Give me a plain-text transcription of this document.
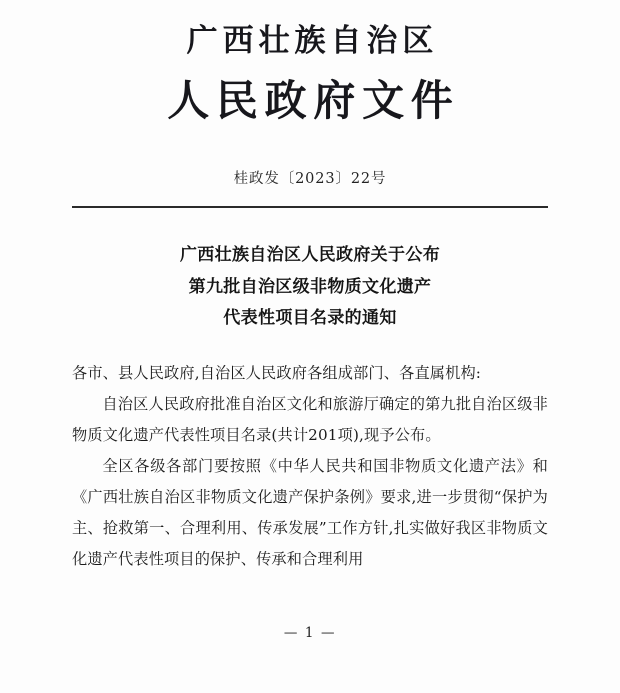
广西壮族自治区
人民政府文件
桂政发〔2023〕22号
广西壮族自治区人民政府关于公布
第九批自治区级非物质文化遗产
代表性项目名录的通知

各市、县人民政府,自治区人民政府各组成部门、各直属机构:

自治区人民政府批准自治区文化和旅游厅确定的第九批自治区级非物质文化遗产代表性项目名录(共计201项),现予公布。

全区各级各部门要按照《中华人民共和国非物质文化遗产法》和《广西壮族自治区非物质文化遗产保护条例》要求,进一步贯彻“保护为主、抢救第一、合理利用、传承发展”工作方针,扎实做好我区非物质文化遗产代表性项目的保护、传承和合理利用

— 1 —
